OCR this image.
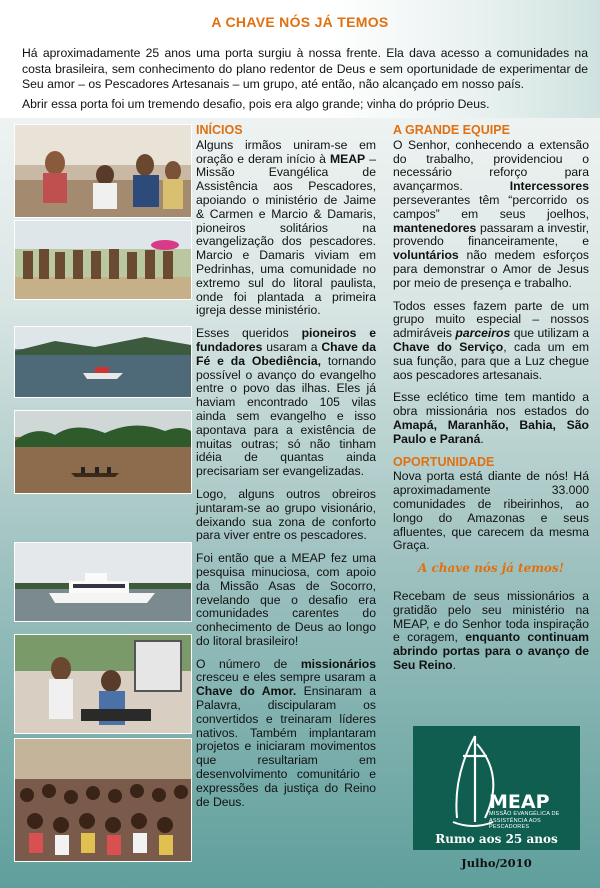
A CHAVE NÓS JÁ TEMOS
Há aproximadamente 25 anos uma porta surgiu à nossa frente. Ela dava acesso a comunidades na costa brasileira, sem conhecimento do plano redentor de Deus e sem oportunidade de experimentar de Seu amor – os Pescadores Artesanais – um grupo, até então, não alcançado em nosso país.
Abrir essa porta foi um tremendo desafio, pois era algo grande; vinha do próprio Deus.
INÍCIOS

Alguns irmãos uniram-se em oração e deram início à MEAP – Missão Evangélica de Assistência aos Pescadores, apoiando o ministério de Jaime & Carmen e Marcio & Damaris, pioneiros solitários na evangelização dos pescadores. Marcio e Damaris viviam em Pedrinhas, uma comunidade no extremo sul do litoral paulista, onde foi plantada a primeira igreja desse ministério.

Esses queridos pioneiros e fundadores usaram a Chave da Fé e da Obediência, tornando possível o avanço do evangelho entre o povo das ilhas. Eles já haviam encontrado 105 vilas ainda sem evangelho e isso apontava para a existência de muitas outras; só não tinham idéia de quantas ainda precisariam ser evangelizadas.

Logo, alguns outros obreiros juntaram-se ao grupo visionário, deixando sua zona de conforto para viver entre os pescadores.

Foi então que a MEAP fez uma pesquisa minuciosa, com apoio da Missão Asas de Socorro, revelando que o desafio era comunidades carentes do conhecimento de Deus ao longo do litoral brasileiro!

O número de missionários cresceu e eles sempre usaram a Chave do Amor. Ensinaram a Palavra, discipularam os convertidos e treinaram líderes nativos. Também implantaram projetos e iniciaram movimentos que resultariam em desenvolvimento comunitário e expressões da justiça do Reino de Deus.

A GRANDE EQUIPE

O Senhor, conhecendo a extensão do trabalho, providenciou o necessário reforço para avançarmos. Intercessores perseverantes têm “percorrido os campos” em seus joelhos, mantenedores passaram a investir, provendo financeiramente, e voluntários não medem esforços para demonstrar o Amor de Jesus por meio de presença e trabalho.

Todos esses fazem parte de um grupo muito especial – nossos admiráveis parceiros que utilizam a Chave do Serviço, cada um em sua função, para que a Luz chegue aos pescadores artesanais.

Esse eclético time tem mantido a obra missionária nos estados do Amapá, Maranhão, Bahia, São Paulo e Paraná.

OPORTUNIDADE

Nova porta está diante de nós! Há aproximadamente 33.000 comunidades de ribeirinhos, ao longo do Amazonas e seus afluentes, que carecem da mesma Graça.

A chave nós já temos!

Recebam de seus missionários a gratidão pelo seu ministério na MEAP, e do Senhor toda inspiração e coragem, enquanto continuam abrindo portas para o avanço de Seu Reino.

MEAP
MISSÃO EVANGÉLICA DE ASSISTÊNCIA AOS PESCADORES
Rumo aos 25 anos
Julho/2010
